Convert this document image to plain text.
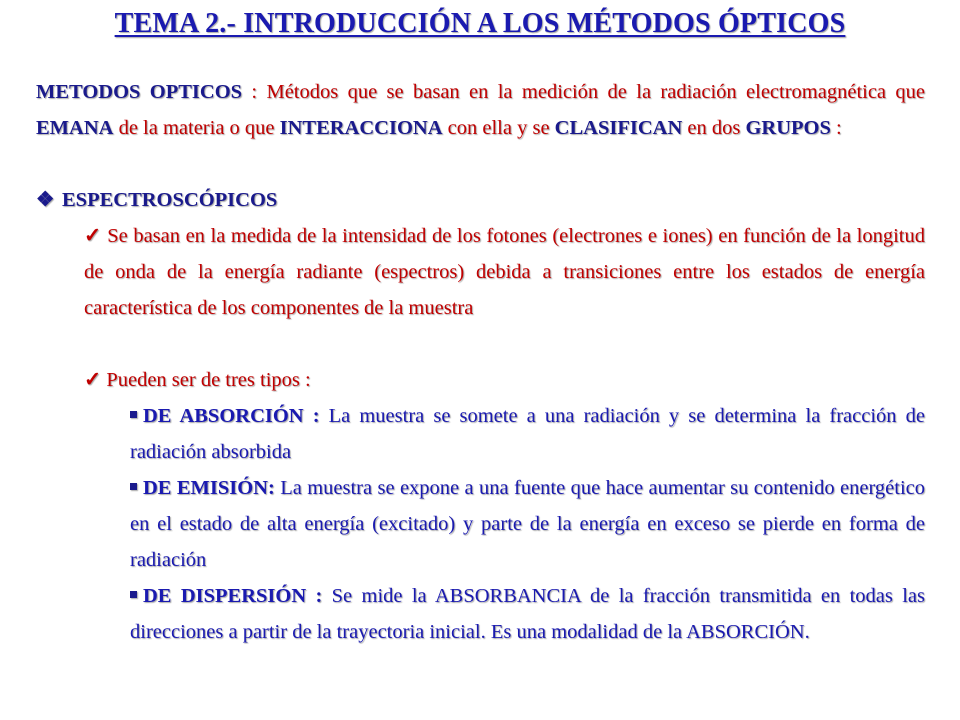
TEMA 2.- INTRODUCCIÓN A LOS MÉTODOS ÓPTICOS
METODOS OPTICOS : Métodos que se basan en la medición de la radiación electromagnética que EMANA de la materia o que INTERACCIONA con ella y se CLASIFICAN en dos GRUPOS :
❖ ESPECTROSCÓPICOS
✓ Se basan en la medida de la intensidad de los fotones (electrones e iones) en función de la longitud de onda de la energía radiante (espectros) debida a transiciones entre los estados de energía característica de los componentes de la muestra
✓ Pueden ser de tres tipos :
DE ABSORCIÓN : La muestra se somete a una radiación y se determina la fracción de radiación absorbida
DE EMISIÓN: La muestra se expone a una fuente que hace aumentar su contenido energético en el estado de alta energía (excitado) y parte de la energía en exceso se pierde en forma de radiación
DE DISPERSIÓN : Se mide la ABSORBANCIA de la fracción transmitida en todas las direcciones a partir de la trayectoria inicial. Es una modalidad de la ABSORCIÓN.
